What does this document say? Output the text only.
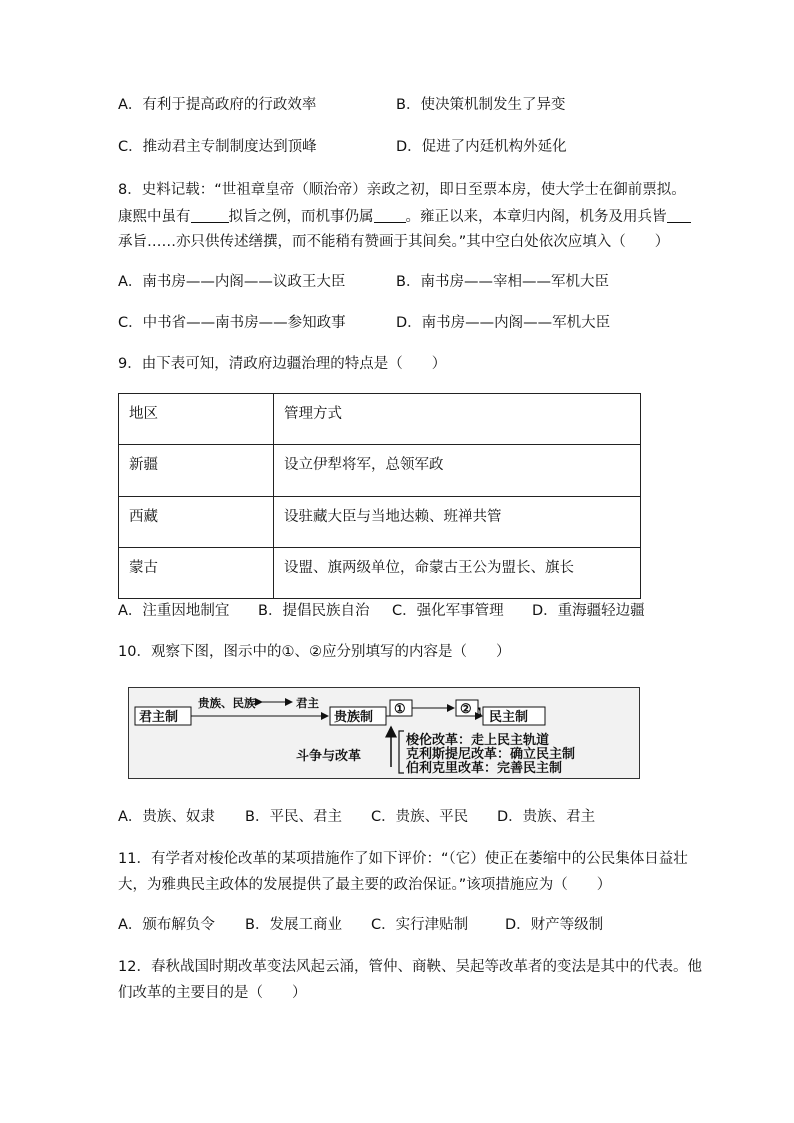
A．有利于提高政府的行政效率	B．使决策机制发生了异变
C．推动君主专制制度达到顶峰	D．促进了内廷机构外延化
8．史料记载：“世祖章皇帝（顺治帝）亲政之初，即日至票本房，使大学士在御前票拟。
康熙中虽有	拟旨之例，而机事仍属 。雍正以来，本章归内阁，机务及用兵皆
承旨……亦只供传述缮撰，而不能稍有赞画于其间矣。”其中空白处依次应填入（　　）
A．南书房——内阁——议政王大臣	B．南书房——宰相——军机大臣
C．中书省——南书房——参知政事	D．南书房——内阁——军机大臣
9．由下表可知，清政府边疆治理的特点是（　　）
地区	管理方式
新疆	设立伊犁将军，总领军政
西藏	设驻藏大臣与当地达赖、班禅共管
蒙古	设盟、旗两级单位，命蒙古王公为盟长、旗长
A．注重因地制宜 B．提倡民族自治 C．强化军事管理 D．重海疆轻边疆
10．观察下图，图示中的①、②应分别填写的内容是（　　）
君主制
贵族、民族	君主
贵族制
①	②
民主制
斗争与改革
梭伦改革：走上民主轨道
克利斯提尼改革：确立民主制
伯利克里改革：完善民主制
A．贵族、奴隶 B．平民、君主 C．贵族、平民 D．贵族、君主
11．有学者对梭伦改革的某项措施作了如下评价：“（它）使正在萎缩中的公民集体日益壮
大，为雅典民主政体的发展提供了最主要的政治保证。”该项措施应为（　　）
A．颁布解负令 B．发展工商业 C．实行津贴制	D．财产等级制
12．春秋战国时期改革变法风起云涌，管仲、商鞅、吴起等改革者的变法是其中的代表。他
们改革的主要目的是（　　）
